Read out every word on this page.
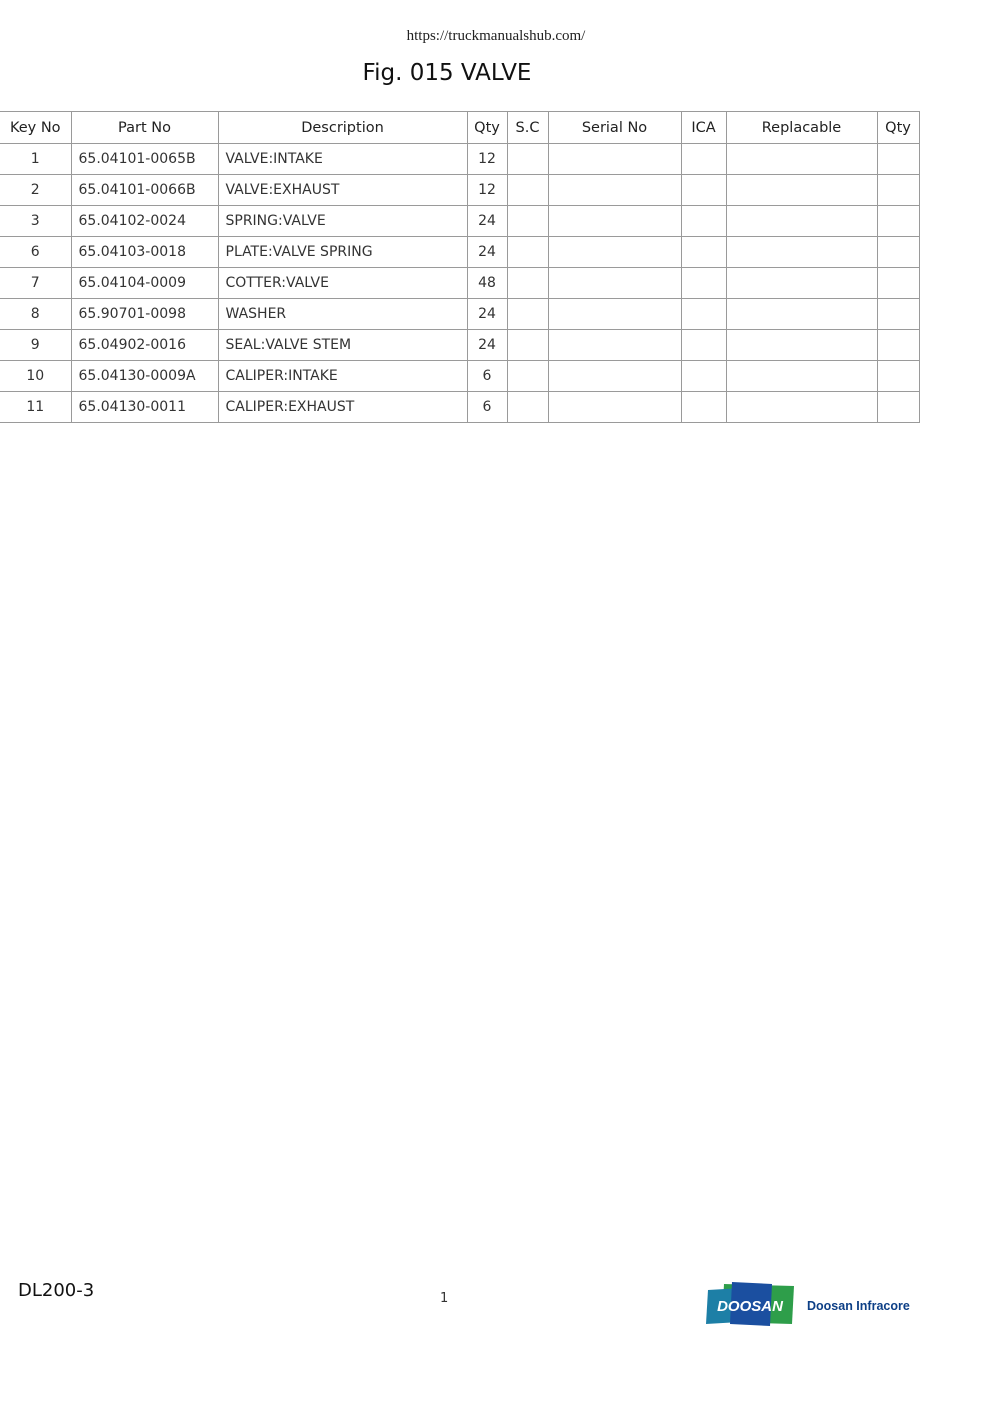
https://truckmanualshub.com/
Fig. 015 VALVE
Key No	Part No	Description	Qty	S.C	Serial No	ICA	Replacable	Qty
1	65.04101-0065B	VALVE:INTAKE	12					
2	65.04101-0066B	VALVE:EXHAUST	12					
3	65.04102-0024	SPRING:VALVE	24					
6	65.04103-0018	PLATE:VALVE SPRING	24					
7	65.04104-0009	COTTER:VALVE	48					
8	65.90701-0098	WASHER	24					
9	65.04902-0016	SEAL:VALVE STEM	24					
10	65.04130-0009A	CALIPER:INTAKE	6					
11	65.04130-0011	CALIPER:EXHAUST	6					
DL200-3	1	DOOSAN Doosan Infracore
